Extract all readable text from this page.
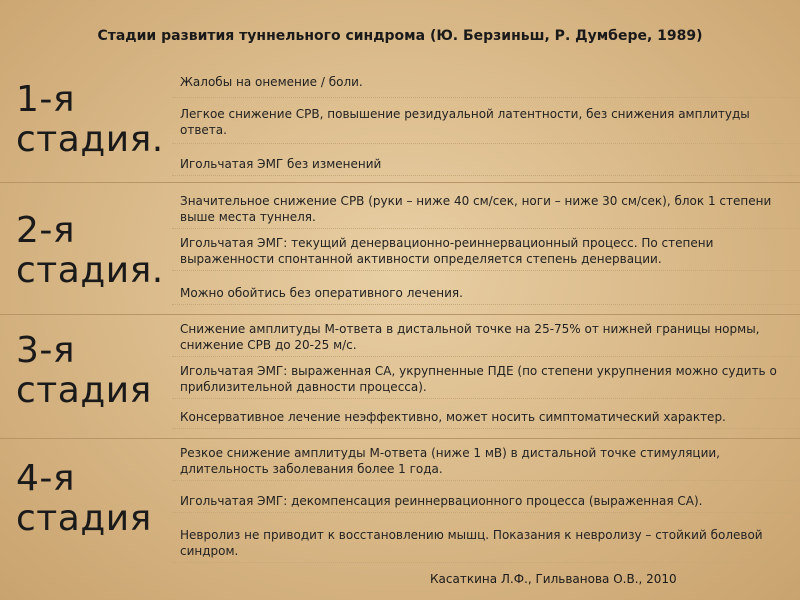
Стадии развития туннельного синдрома (Ю. Берзиньш, Р. Думбере, 1989)
1-я стадия.
Жалобы на онемение / боли.
Легкое снижение СРВ, повышение резидуальной латентности, без снижения амплитуды ответа.
Игольчатая ЭМГ без изменений
2-я стадия.
Значительное снижение СРВ (руки – ниже 40 см/сек, ноги – ниже 30 см/сек), блок 1 степени выше места туннеля.
Игольчатая ЭМГ: текущий денервационно-реиннервационный процесс. По степени выраженности спонтанной активности определяется степень денервации.
Можно обойтись без оперативного лечения.
3-я стадия
Снижение амплитуды М-ответа в дистальной точке на 25-75% от нижней границы нормы, снижение СРВ до 20-25 м/с.
Игольчатая ЭМГ: выраженная СА, укрупненные ПДЕ (по степени укрупнения можно судить о приблизительной давности процесса).
Консервативное лечение неэффективно, может носить симптоматический характер.
4-я стадия
Резкое снижение амплитуды М-ответа (ниже 1 мВ) в дистальной точке стимуляции, длительность заболевания более 1 года.
Игольчатая ЭМГ: декомпенсация реиннервационного процесса (выраженная СА).
Невролиз не приводит к восстановлению мышц. Показания к невролизу – стойкий болевой синдром.
Касаткина Л.Ф., Гильванова О.В., 2010
